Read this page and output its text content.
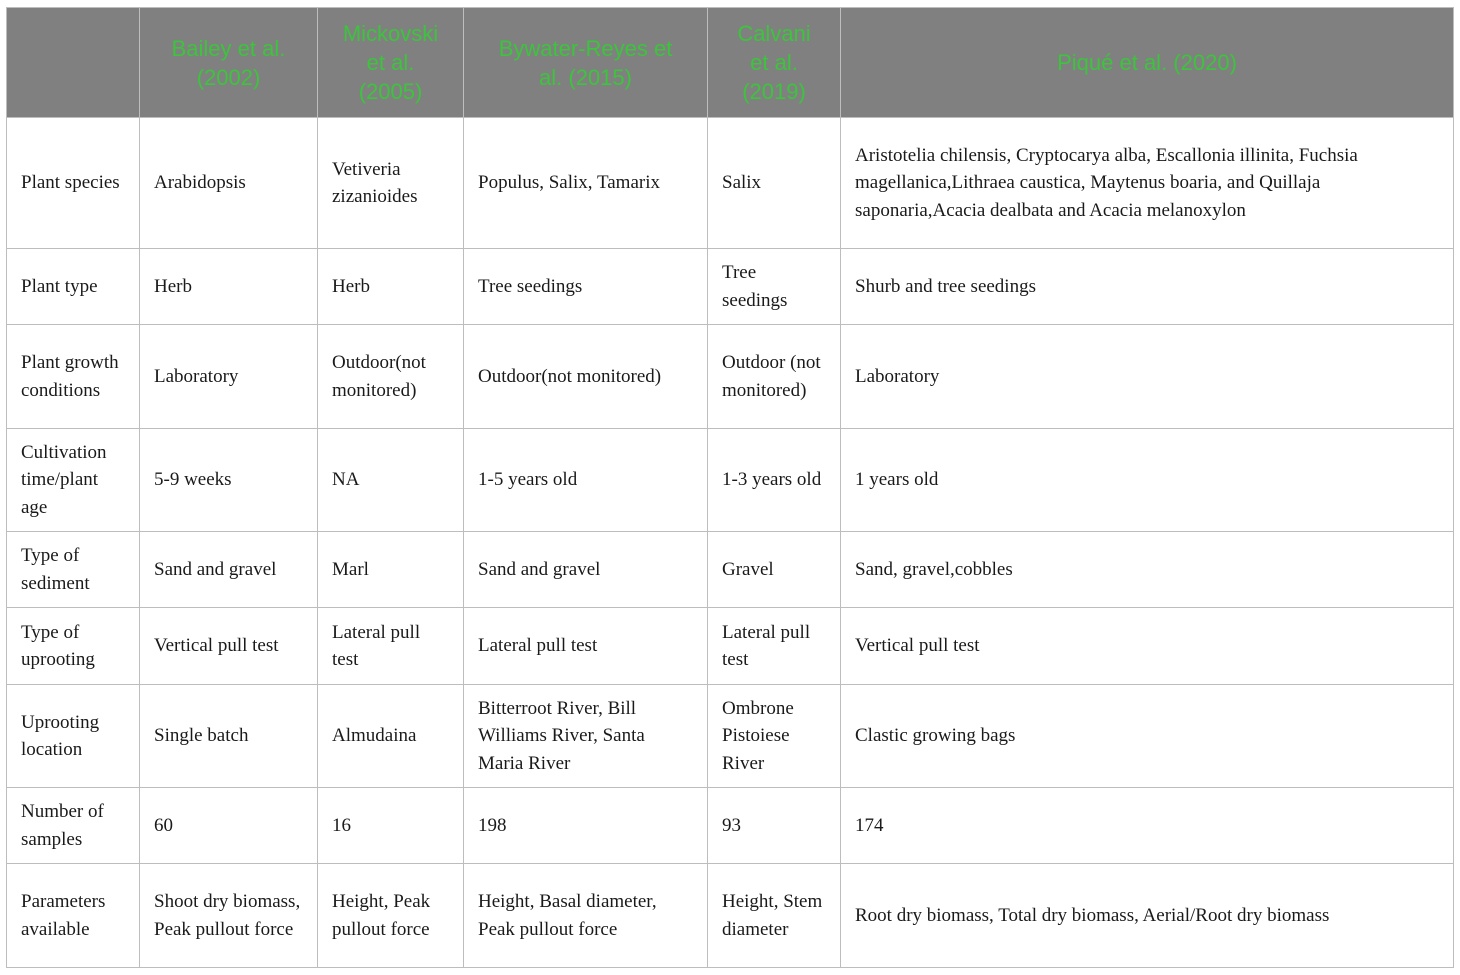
	Bailey et al. (2002)	Mickovski et al. (2005)	Bywater-Reyes et al. (2015)	Calvani et al. (2019)	Piqué et al. (2020)
Plant species	Arabidopsis	Vetiveria zizanioides	Populus, Salix, Tamarix	Salix	Aristotelia chilensis, Cryptocarya alba, Escallonia illinita, Fuchsia magellanica,Lithraea caustica, Maytenus boaria, and Quillaja saponaria,Acacia dealbata and Acacia melanoxylon
Plant type	Herb	Herb	Tree seedings	Tree seedings	Shurb and tree seedings
Plant growth conditions	Laboratory	Outdoor(not monitored)	Outdoor(not monitored)	Outdoor (not monitored)	Laboratory
Cultivation time/plant age	5-9 weeks	NA	1-5 years old	1-3 years old	1 years old
Type of sediment	Sand and gravel	Marl	Sand and gravel	Gravel	Sand, gravel,cobbles
Type of uprooting	Vertical pull test	Lateral pull test	Lateral pull test	Lateral pull test	Vertical pull test
Uprooting location	Single batch	Almudaina	Bitterroot River, Bill Williams River, Santa Maria River	Ombrone Pistoiese River	Clastic growing bags
Number of samples	60	16	198	93	174
Parameters available	Shoot dry biomass, Peak pullout force	Height, Peak pullout force	Height, Basal diameter, Peak pullout force	Height, Stem diameter	Root dry biomass, Total dry biomass, Aerial/Root dry biomass
